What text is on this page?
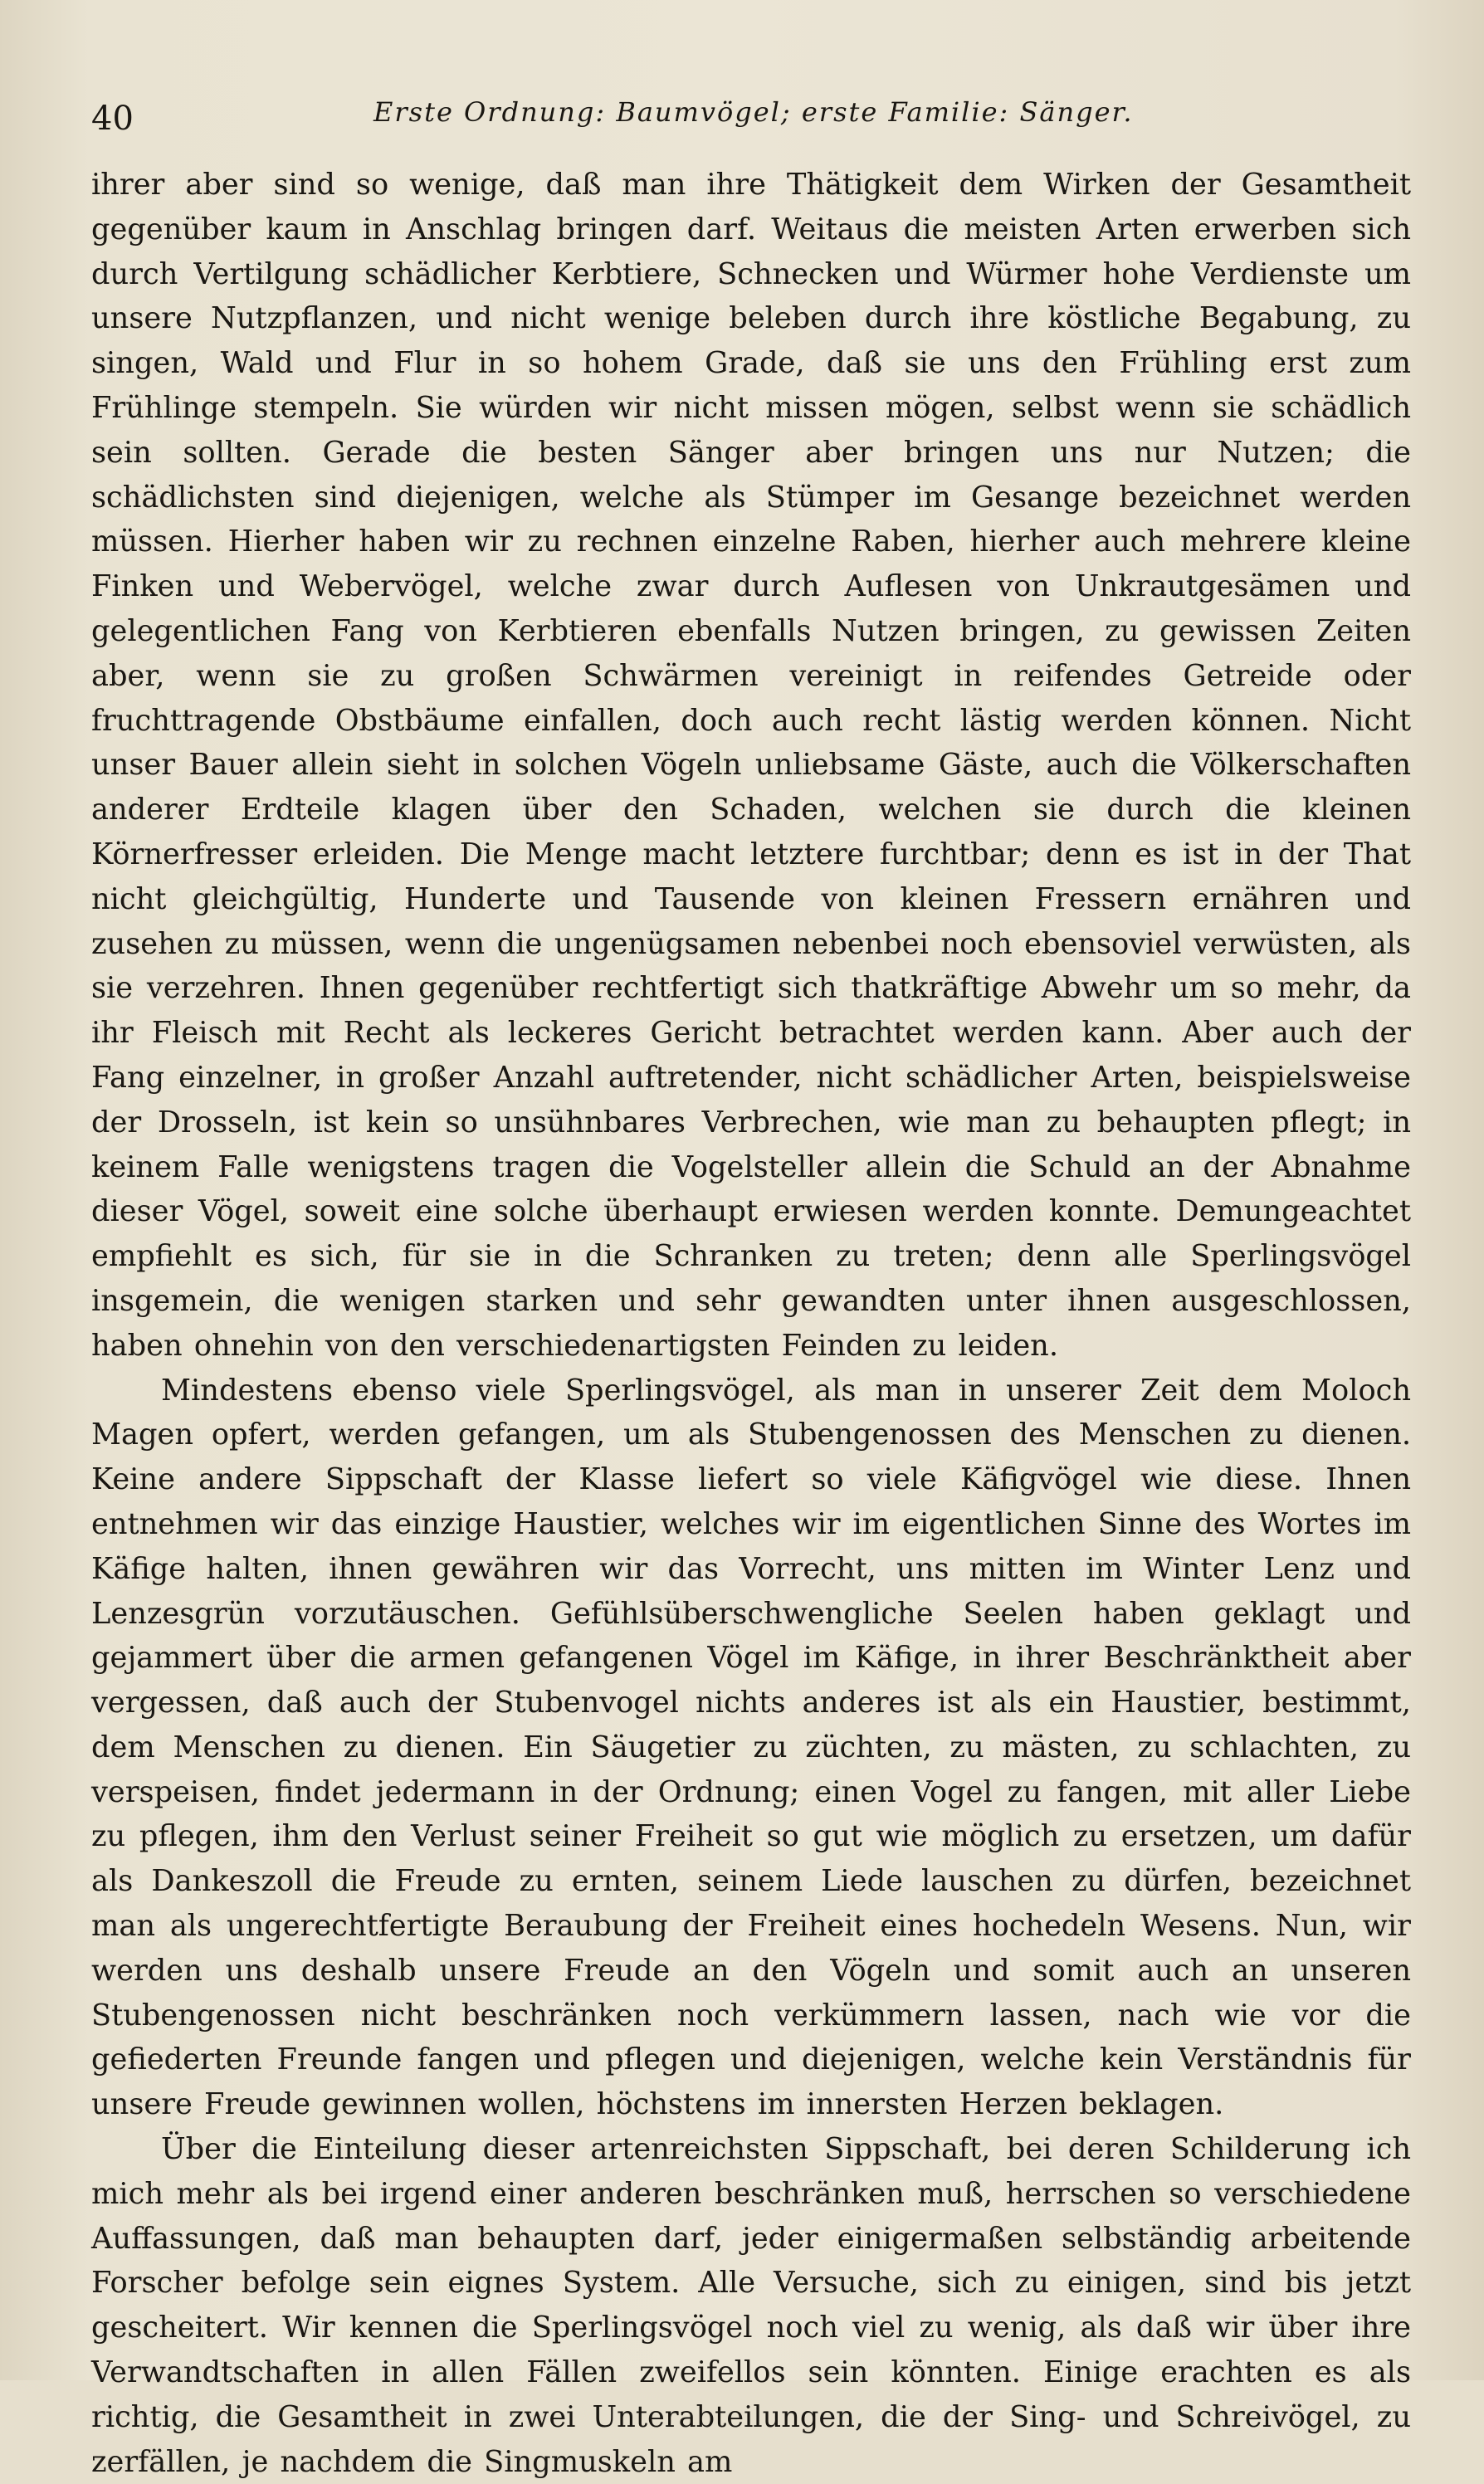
40	Erste Ordnung: Baumvögel; erste Familie: Sänger.

ihrer aber sind so wenige, daß man ihre Thätigkeit dem Wirken der Gesamtheit gegenüber kaum in Anschlag bringen darf. Weitaus die meisten Arten erwerben sich durch Vertilgung schädlicher Kerbtiere, Schnecken und Würmer hohe Verdienste um unsere Nutzpflanzen, und nicht wenige beleben durch ihre köstliche Begabung, zu singen, Wald und Flur in so hohem Grade, daß sie uns den Frühling erst zum Frühlinge stempeln. Sie würden wir nicht missen mögen, selbst wenn sie schädlich sein sollten. Gerade die besten Sänger aber bringen uns nur Nutzen; die schädlichsten sind diejenigen, welche als Stümper im Gesange bezeichnet werden müssen. Hierher haben wir zu rechnen einzelne Raben, hierher auch mehrere kleine Finken und Webervögel, welche zwar durch Auflesen von Unkrautgesämen und gelegentlichen Fang von Kerbtieren ebenfalls Nutzen bringen, zu gewissen Zeiten aber, wenn sie zu großen Schwärmen vereinigt in reifendes Getreide oder fruchttragende Obstbäume einfallen, doch auch recht lästig werden können. Nicht unser Bauer allein sieht in solchen Vögeln unliebsame Gäste, auch die Völkerschaften anderer Erdteile klagen über den Schaden, welchen sie durch die kleinen Körnerfresser erleiden. Die Menge macht letztere furchtbar; denn es ist in der That nicht gleichgültig, Hunderte und Tausende von kleinen Fressern ernähren und zusehen zu müssen, wenn die ungenügsamen nebenbei noch ebensoviel verwüsten, als sie verzehren. Ihnen gegenüber rechtfertigt sich thatkräftige Abwehr um so mehr, da ihr Fleisch mit Recht als leckeres Gericht betrachtet werden kann. Aber auch der Fang einzelner, in großer Anzahl auftretender, nicht schädlicher Arten, beispielsweise der Drosseln, ist kein so unsühnbares Verbrechen, wie man zu behaupten pflegt; in keinem Falle wenigstens tragen die Vogelsteller allein die Schuld an der Abnahme dieser Vögel, soweit eine solche überhaupt erwiesen werden konnte. Demungeachtet empfiehlt es sich, für sie in die Schranken zu treten; denn alle Sperlingsvögel insgemein, die wenigen starken und sehr gewandten unter ihnen ausgeschlossen, haben ohnehin von den verschiedenartigsten Feinden zu leiden.

Mindestens ebenso viele Sperlingsvögel, als man in unserer Zeit dem Moloch Magen opfert, werden gefangen, um als Stubengenossen des Menschen zu dienen. Keine andere Sippschaft der Klasse liefert so viele Käfigvögel wie diese. Ihnen entnehmen wir das einzige Haustier, welches wir im eigentlichen Sinne des Wortes im Käfige halten, ihnen gewähren wir das Vorrecht, uns mitten im Winter Lenz und Lenzesgrün vorzutäuschen. Gefühlsüberschwengliche Seelen haben geklagt und gejammert über die armen gefangenen Vögel im Käfige, in ihrer Beschränktheit aber vergessen, daß auch der Stubenvogel nichts anderes ist als ein Haustier, bestimmt, dem Menschen zu dienen. Ein Säugetier zu züchten, zu mästen, zu schlachten, zu verspeisen, findet jedermann in der Ordnung; einen Vogel zu fangen, mit aller Liebe zu pflegen, ihm den Verlust seiner Freiheit so gut wie möglich zu ersetzen, um dafür als Dankeszoll die Freude zu ernten, seinem Liede lauschen zu dürfen, bezeichnet man als ungerechtfertigte Beraubung der Freiheit eines hochedeln Wesens. Nun, wir werden uns deshalb unsere Freude an den Vögeln und somit auch an unseren Stubengenossen nicht beschränken noch verkümmern lassen, nach wie vor die gefiederten Freunde fangen und pflegen und diejenigen, welche kein Verständnis für unsere Freude gewinnen wollen, höchstens im innersten Herzen beklagen.

Über die Einteilung dieser artenreichsten Sippschaft, bei deren Schilderung ich mich mehr als bei irgend einer anderen beschränken muß, herrschen so verschiedene Auffassungen, daß man behaupten darf, jeder einigermaßen selbständig arbeitende Forscher befolge sein eignes System. Alle Versuche, sich zu einigen, sind bis jetzt gescheitert. Wir kennen die Sperlingsvögel noch viel zu wenig, als daß wir über ihre Verwandtschaften in allen Fällen zweifellos sein könnten. Einige erachten es als richtig, die Gesamtheit in zwei Unterabteilungen, die der Sing- und Schreivögel, zu zerfällen, je nachdem die Singmuskeln am
